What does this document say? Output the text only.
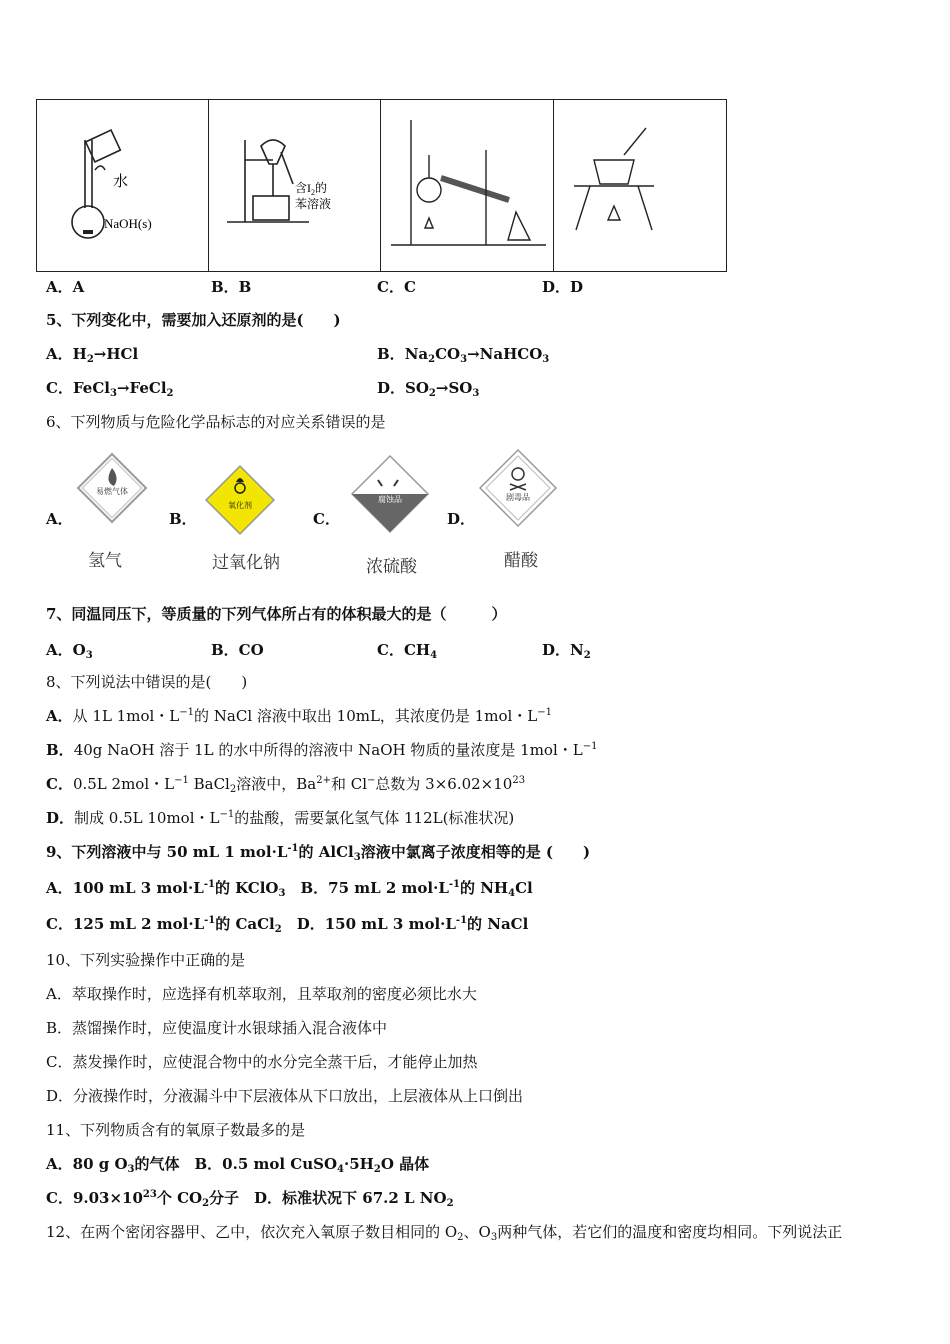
水
NaOH(s)
含$I_2$的
苯溶液
A．A	B．B	C．C	D．D
5、下列变化中，需要加入还原剂的是(　　)
A．$H_2\to HCl$	B．$Na_2CO_3\to NaHCO_3$
C．FeCl$_3$→FeCl$_2$	D．$SO_2\to SO_3$
6、下列物质与危险化学品标志的对应关系错误的是
A．
易燃气体
氢气
B．
氧化剂
过氧化钠
C．
腐蚀品
浓硫酸
D．
剧毒品
醋酸
7、同温同压下，等质量的下列气体所占有的体积最大的是（　　　）
A．$O_3$	B．CO	C．$CH_4$	D．$N_2$
8、下列说法中错误的是(　　)
A．从 1L 1mol・$L^{-1}$的 NaCl 溶液中取出 10mL，其浓度仍是 1mol・$L^{-1}$
B．40g NaOH 溶于 1L 的水中所得的溶液中 NaOH 物质的量浓度是 1mol・$L^{-1}$
C．0.5L 2mol・$L^{-1}$ BaCl$_2$溶液中，$Ba^{2+}$和 Cl−总数为 $3\times 6.02\times 10^{23}$
D．制成 0.5L 10mol・$L^{-1}$的盐酸，需要氯化氢气体 112L(标准状况)
9、下列溶液中与 50 mL 1 $mol\cdot L^{-1}$的 AlCl$_3$溶液中氯离子浓度相等的是 (　　)
A．100 mL 3 $mol\cdot L^{-1}$的 KClO$_3$　B．75 mL 2 $mol\cdot L^{-1}$的 $NH_4Cl$
C．125 mL 2 $mol\cdot L^{-1}$的 CaCl$_2$　D．150 mL 3 $mol\cdot L^{-1}$的 NaCl
10、下列实验操作中正确的是
A．萃取操作时，应选择有机萃取剂，且萃取剂的密度必须比水大
B．蒸馏操作时，应使温度计水银球插入混合液体中
C．蒸发操作时，应使混合物中的水分完全蒸干后，才能停止加热
D．分液操作时，分液漏斗中下层液体从下口放出，上层液体从上口倒出
11、下列物质含有的氧原子数最多的是
A．80 g $O_3$的气体　B．0.5 mol $CuSO_4\cdot 5H_2O$ 晶体
C．$9.03\times 10^{23}$个 $CO_2$分子　D．标准状况下 67.2 L $NO_2$
12、在两个密闭容器甲、乙中，依次充入氧原子数目相同的 $O_2$、$O_3$两种气体，若它们的温度和密度均相同。下列说法正
